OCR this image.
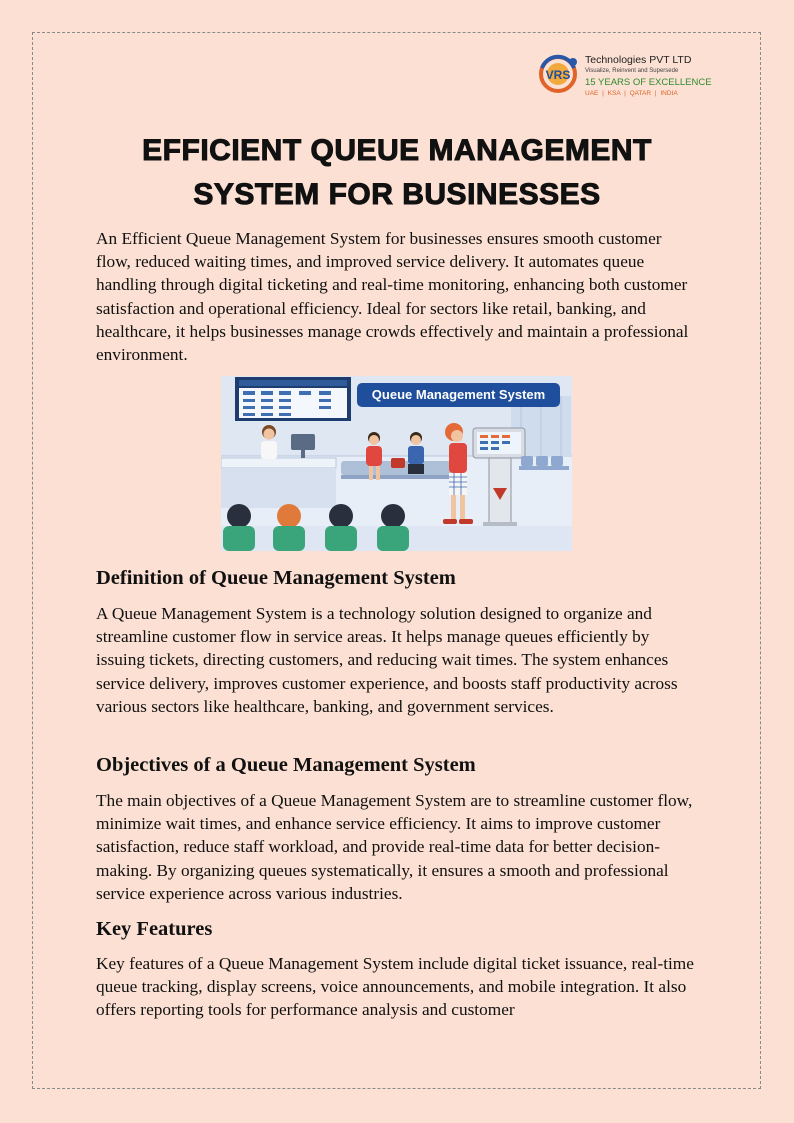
VRS
Technologies PVT LTD
Visualize, Reinvent and Supersede
15 YEARS OF EXCELLENCE
UAE | KSA | QATAR | INDIA
EFFICIENT QUEUE MANAGEMENT
SYSTEM FOR BUSINESSES

An Efficient Queue Management System for businesses ensures smooth customer flow, reduced waiting times, and improved service delivery. It automates queue handling through digital ticketing and real-time monitoring, enhancing both customer satisfaction and operational efficiency. Ideal for sectors like retail, banking, and healthcare, it helps businesses manage crowds effectively and maintain a professional environment.

Queue Management System
Definition of Queue Management System

A Queue Management System is a technology solution designed to organize and streamline customer flow in service areas. It helps manage queues efficiently by issuing tickets, directing customers, and reducing wait times. The system enhances service delivery, improves customer experience, and boosts staff productivity across various sectors like healthcare, banking, and government services.

Objectives of a Queue Management System

The main objectives of a Queue Management System are to streamline customer flow, minimize wait times, and enhance service efficiency. It aims to improve customer satisfaction, reduce staff workload, and provide real-time data for better decision-making. By organizing queues systematically, it ensures a smooth and professional service experience across various industries.

Key Features

Key features of a Queue Management System include digital ticket issuance, real-time queue tracking, display screens, voice announcements, and mobile integration. It also offers reporting tools for performance analysis and customer
